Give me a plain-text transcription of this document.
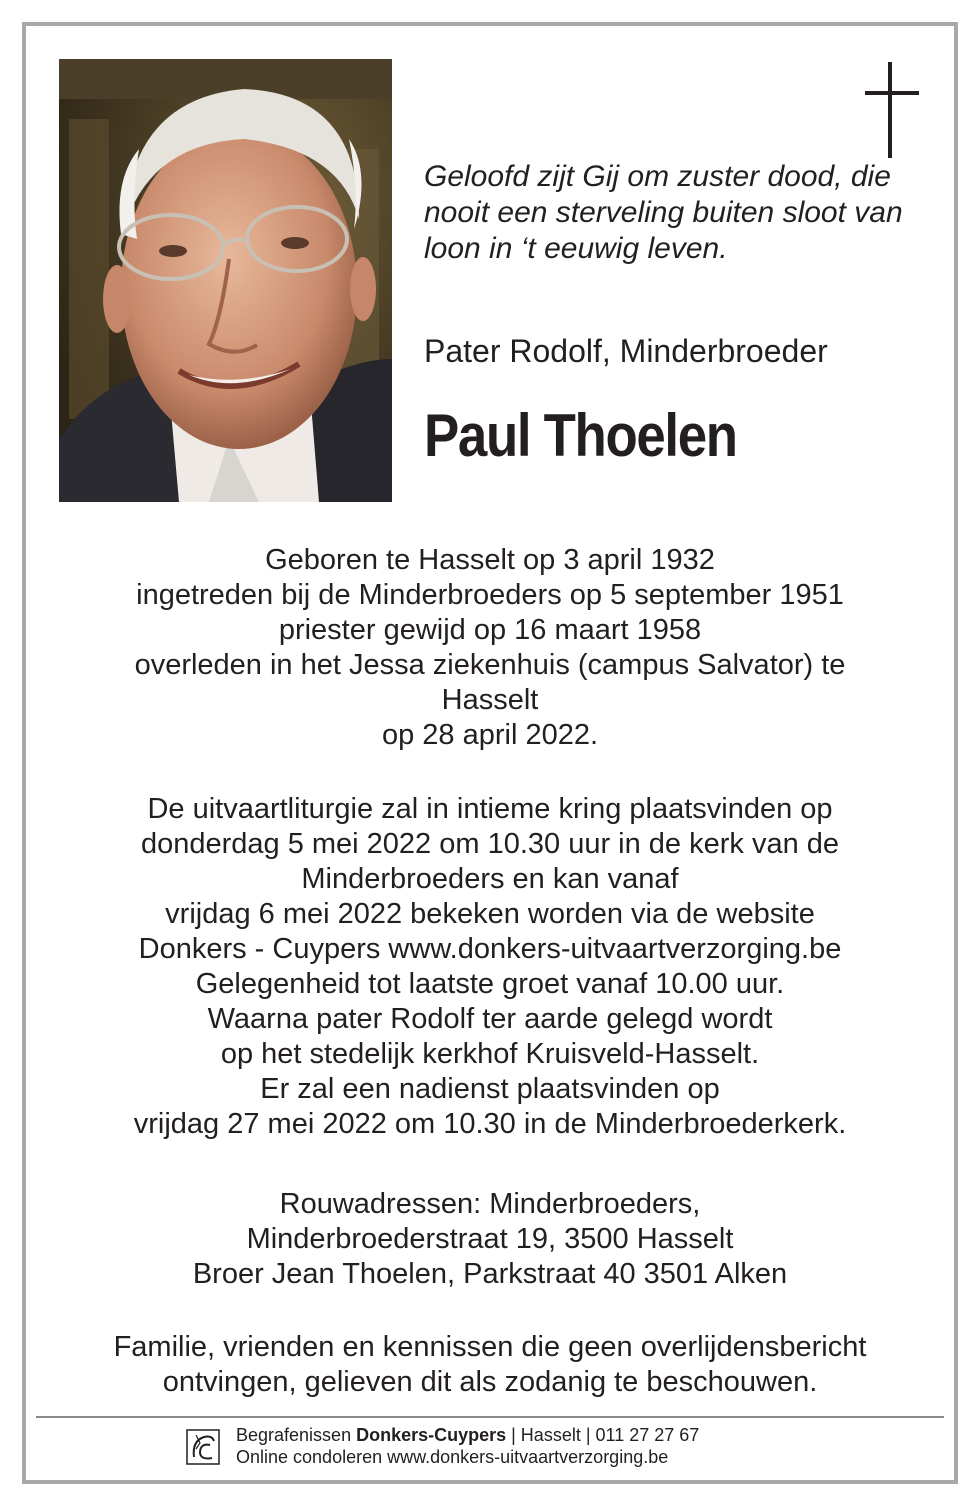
Geloofd zijt Gij om zuster dood, die
nooit een sterveling buiten sloot van
loon in ‘t eeuwig leven.
Pater Rodolf, Minderbroeder
Paul Thoelen
Geboren te Hasselt op 3 april 1932
ingetreden bij de Minderbroeders op 5 september 1951
priester gewijd op 16 maart 1958
overleden in het Jessa ziekenhuis (campus Salvator) te
Hasselt
op 28 april 2022.
De uitvaartliturgie zal in intieme kring plaatsvinden op
donderdag 5 mei 2022 om 10.30 uur in de kerk van de
Minderbroeders en kan vanaf
vrijdag 6 mei 2022 bekeken worden via de website
Donkers - Cuypers www.donkers-uitvaartverzorging.be
Gelegenheid tot laatste groet vanaf 10.00 uur.
Waarna pater Rodolf ter aarde gelegd wordt
op het stedelijk kerkhof Kruisveld-Hasselt.
Er zal een nadienst plaatsvinden op
vrijdag 27 mei 2022 om 10.30 in de Minderbroederkerk.
Rouwadressen: Minderbroeders,
Minderbroederstraat 19, 3500 Hasselt
Broer Jean Thoelen, Parkstraat 40 3501 Alken
Familie, vrienden en kennissen die geen overlijdensbericht
ontvingen, gelieven dit als zodanig te beschouwen.
Begrafenissen Donkers-Cuypers | Hasselt | 011 27 27 67
Online condoleren www.donkers-uitvaartverzorging.be
